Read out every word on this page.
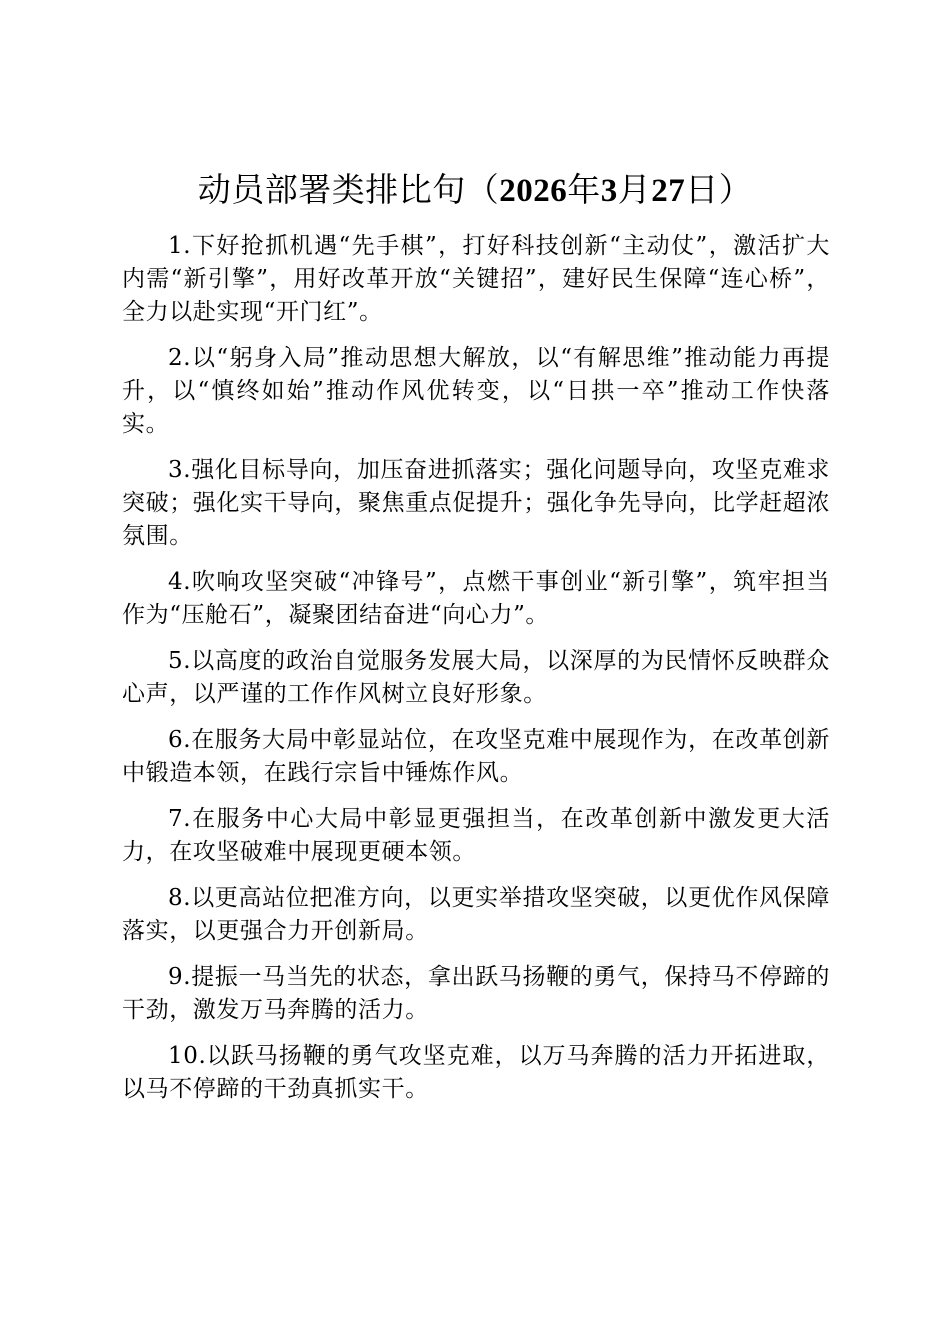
动员部署类排比句（2026年3月27日）

1.下好抢抓机遇“先手棋”，打好科技创新“主动仗”，激活扩大内需“新引擎”，用好改革开放“关键招”，建好民生保障“连心桥”，全力以赴实现“开门红”。

2.以“躬身入局”推动思想大解放，以“有解思维”推动能力再提升，以“慎终如始”推动作风优转变，以“日拱一卒”推动工作快落实。

3.强化目标导向，加压奋进抓落实；强化问题导向，攻坚克难求突破；强化实干导向，聚焦重点促提升；强化争先导向，比学赶超浓氛围。

4.吹响攻坚突破“冲锋号”，点燃干事创业“新引擎”，筑牢担当作为“压舱石”，凝聚团结奋进“向心力”。

5.以高度的政治自觉服务发展大局，以深厚的为民情怀反映群众心声，以严谨的工作作风树立良好形象。

6.在服务大局中彰显站位，在攻坚克难中展现作为，在改革创新中锻造本领，在践行宗旨中锤炼作风。

7.在服务中心大局中彰显更强担当，在改革创新中激发更大活力，在攻坚破难中展现更硬本领。

8.以更高站位把准方向，以更实举措攻坚突破，以更优作风保障落实，以更强合力开创新局。

9.提振一马当先的状态，拿出跃马扬鞭的勇气，保持马不停蹄的干劲，激发万马奔腾的活力。

10.以跃马扬鞭的勇气攻坚克难，以万马奔腾的活力开拓进取，以马不停蹄的干劲真抓实干。
